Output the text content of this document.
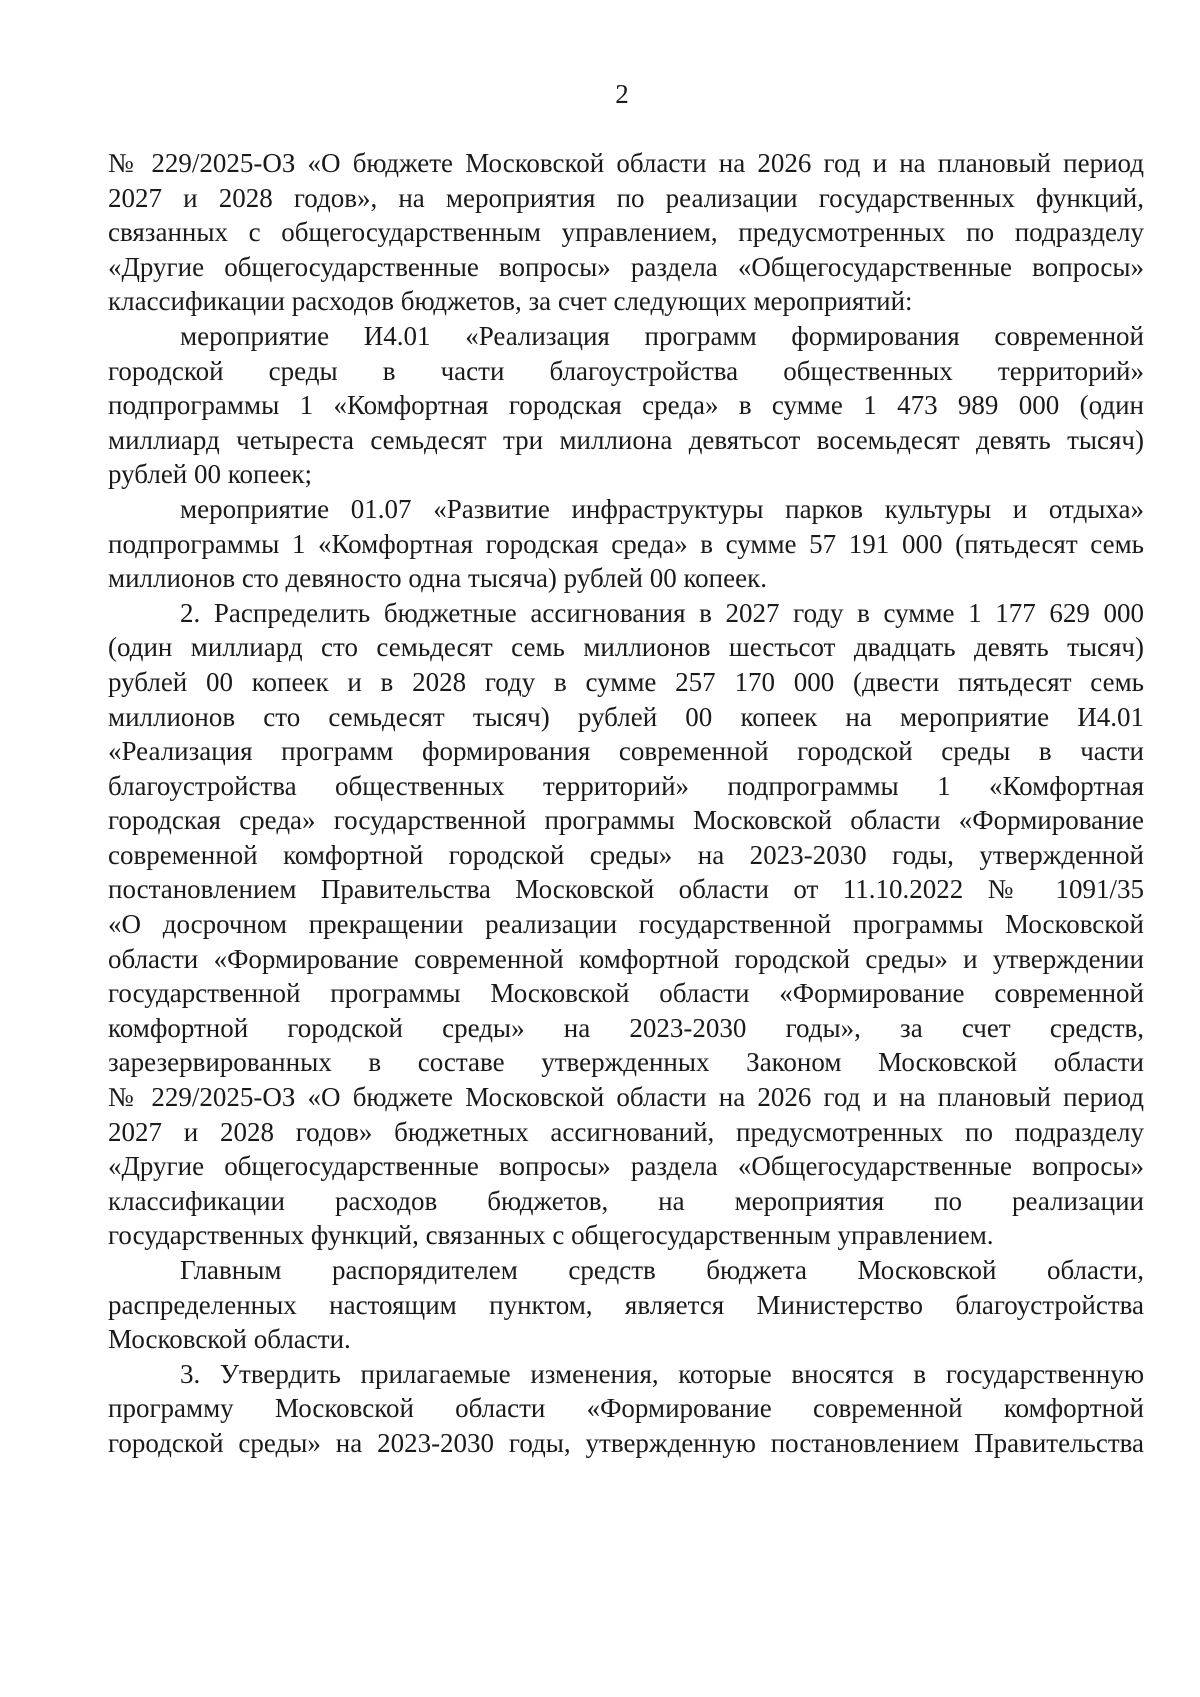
2
№ 229/2025-ОЗ «О бюджете Московской области на 2026 год и на плановый период
2027 и 2028 годов», на мероприятия по реализации государственных функций,
связанных с общегосударственным управлением, предусмотренных по подразделу
«Другие общегосударственные вопросы» раздела «Общегосударственные вопросы»
классификации расходов бюджетов, за счет следующих мероприятий:
мероприятие И4.01 «Реализация программ формирования современной
городской среды в части благоустройства общественных территорий»
подпрограммы 1 «Комфортная городская среда» в сумме 1 473 989 000 (один
миллиард четыреста семьдесят три миллиона девятьсот восемьдесят девять тысяч)
рублей 00 копеек;
мероприятие 01.07 «Развитие инфраструктуры парков культуры и отдыха»
подпрограммы 1 «Комфортная городская среда» в сумме 57 191 000 (пятьдесят семь
миллионов сто девяносто одна тысяча) рублей 00 копеек.
2. Распределить бюджетные ассигнования в 2027 году в сумме 1 177 629 000
(один миллиард сто семьдесят семь миллионов шестьсот двадцать девять тысяч)
рублей 00 копеек и в 2028 году в сумме 257 170 000 (двести пятьдесят семь
миллионов сто семьдесят тысяч) рублей 00 копеек на мероприятие И4.01
«Реализация программ формирования современной городской среды в части
благоустройства общественных территорий» подпрограммы 1 «Комфортная
городская среда» государственной программы Московской области «Формирование
современной комфортной городской среды» на 2023-2030 годы, утвержденной
постановлением Правительства Московской области от 11.10.2022 № 1091/35
«О досрочном прекращении реализации государственной программы Московской
области «Формирование современной комфортной городской среды» и утверждении
государственной программы Московской области «Формирование современной
комфортной городской среды» на 2023-2030 годы», за счет средств,
зарезервированных в составе утвержденных Законом Московской области
№ 229/2025-ОЗ «О бюджете Московской области на 2026 год и на плановый период
2027 и 2028 годов» бюджетных ассигнований, предусмотренных по подразделу
«Другие общегосударственные вопросы» раздела «Общегосударственные вопросы»
классификации расходов бюджетов, на мероприятия по реализации
государственных функций, связанных с общегосударственным управлением.
Главным распорядителем средств бюджета Московской области,
распределенных настоящим пунктом, является Министерство благоустройства
Московской области.
3. Утвердить прилагаемые изменения, которые вносятся в государственную
программу Московской области «Формирование современной комфортной
городской среды» на 2023-2030 годы, утвержденную постановлением Правительства
